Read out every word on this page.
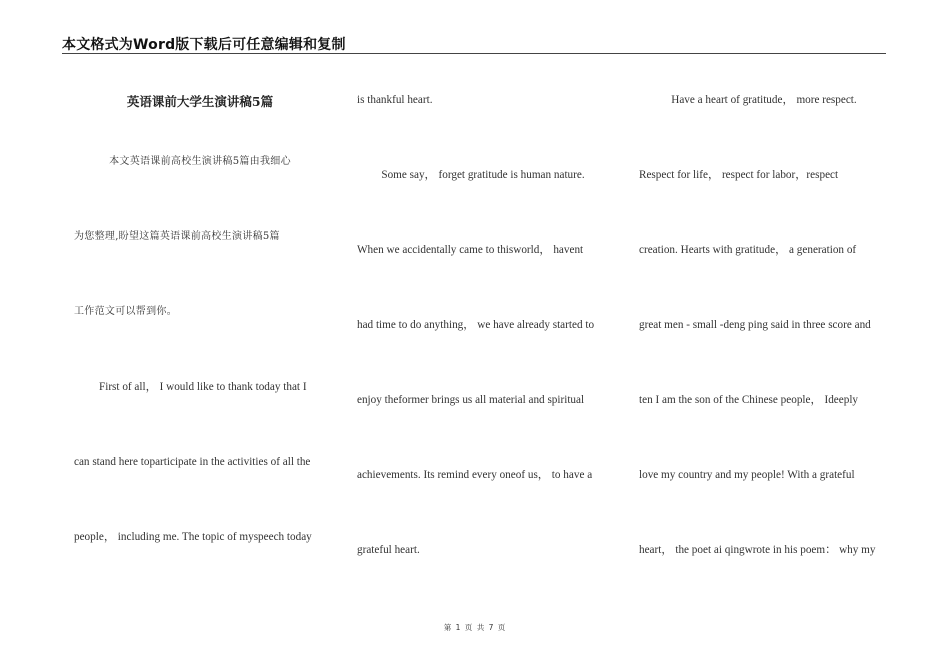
本文格式为Word版下载后可任意编辑和复制
英语课前大学生演讲稿5篇
本文英语课前高校生演讲稿5篇由我细心
为您整理,盼望这篇英语课前高校生演讲稿5篇
工作范文可以帮到你。
First of all， I would like to thank today that I
can stand here toparticipate in the activities of all the
people， including me. The topic of myspeech today
is thankful heart.
Some say， forget gratitude is human nature.
When we accidentally came to thisworld， havent
had time to do anything， we have already started to
enjoy theformer brings us all material and spiritual
achievements. Its remind every oneof us， to have a
grateful heart.
Have a heart of gratitude， more respect.
Respect for life， respect for labor，respect
creation. Hearts with gratitude， a generation of
great men - small -deng ping said in three score and
ten I am the son of the Chinese people， Ideeply
love my country and my people! With a grateful
heart， the poet ai qingwrote in his poem： why my
第 1 页 共 7 页
